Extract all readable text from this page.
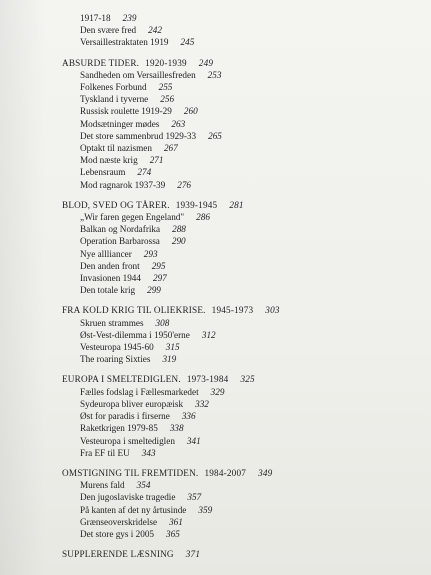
1917-18 239
Den svære fred 242
Versaillestraktaten 1919 245
ABSURDE TIDER. 1920-1939 249
Sandheden om Versaillesfreden 253
Folkenes Forbund 255
Tyskland i tyverne 256
Russisk roulette 1919-29 260
Modsætninger mødes 263
Det store sammenbrud 1929-33 265
Optakt til nazismen 267
Mod næste krig 271
Lebensraum 274
Mod ragnarok 1937-39 276
BLOD, SVED OG TÅRER. 1939-1945 281
„Wir faren gegen Engeland" 286
Balkan og Nordafrika 288
Operation Barbarossa 290
Nye allliancer 293
Den anden front 295
Invasionen 1944 297
Den totale krig 299
FRA KOLD KRIG TIL OLIEKRISE. 1945-1973 303
Skruen strammes 308
Øst-Vest-dilemma i 1950'erne 312
Vesteuropa 1945-60 315
The roaring Sixties 319
EUROPA I SMELTEDIGLEN. 1973-1984 325
Fælles fodslag i Fællesmarkedet 329
Sydeuropa bliver europæisk 332
Øst for paradis i firserne 336
Raketkrigen 1979-85 338
Vesteuropa i smeltediglen 341
Fra EF til EU 343
OMSTIGNING TIL FREMTIDEN. 1984-2007 349
Murens fald 354
Den jugoslaviske tragedie 357
På kanten af det ny årtusinde 359
Grænseoverskridelse 361
Det store gys i 2005 365
SUPPLERENDE LÆSNING 371
